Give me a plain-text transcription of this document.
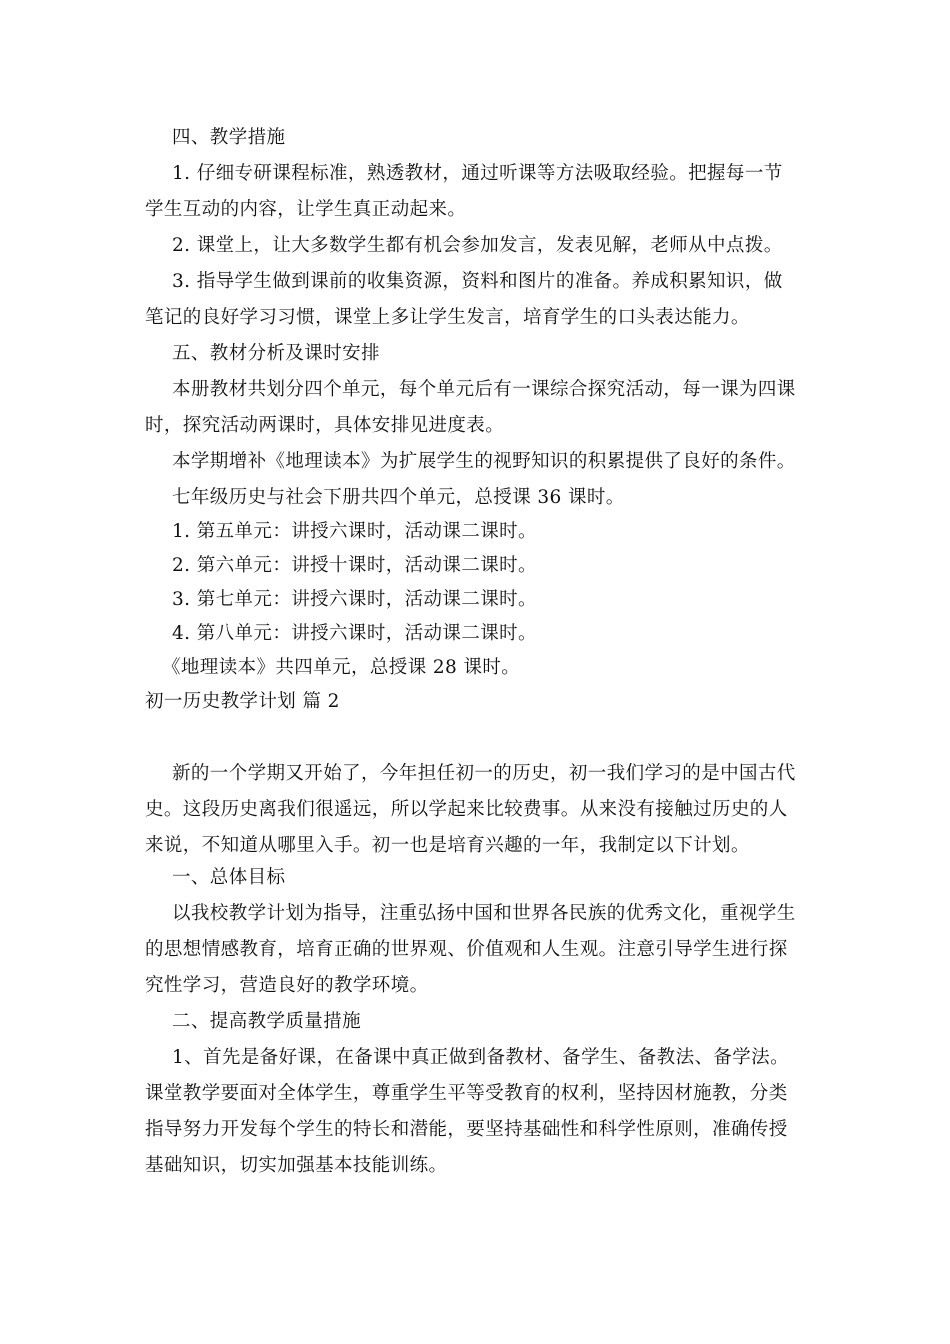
四、教学措施
1. 仔细专研课程标准，熟透教材，通过听课等方法吸取经验。把握每一节
学生互动的内容，让学生真正动起来。
2. 课堂上，让大多数学生都有机会参加发言，发表见解，老师从中点拨。
3. 指导学生做到课前的收集资源，资料和图片的准备。养成积累知识，做
笔记的良好学习习惯，课堂上多让学生发言，培育学生的口头表达能力。
五、教材分析及课时安排
本册教材共划分四个单元，每个单元后有一课综合探究活动，每一课为四课
时，探究活动两课时，具体安排见进度表。
本学期增补《地理读本》为扩展学生的视野知识的积累提供了良好的条件。
七年级历史与社会下册共四个单元，总授课 36 课时。
1. 第五单元：讲授六课时，活动课二课时。
2. 第六单元：讲授十课时，活动课二课时。
3. 第七单元：讲授六课时，活动课二课时。
4. 第八单元：讲授六课时，活动课二课时。
《地理读本》共四单元，总授课 28 课时。
初一历史教学计划 篇 2
新的一个学期又开始了，今年担任初一的历史，初一我们学习的是中国古代
史。这段历史离我们很遥远，所以学起来比较费事。从来没有接触过历史的人
来说，不知道从哪里入手。初一也是培育兴趣的一年，我制定以下计划。
一、总体目标
以我校教学计划为指导，注重弘扬中国和世界各民族的优秀文化，重视学生
的思想情感教育，培育正确的世界观、价值观和人生观。注意引导学生进行探
究性学习，营造良好的教学环境。
二、提高教学质量措施
1、首先是备好课，在备课中真正做到备教材、备学生、备教法、备学法。
课堂教学要面对全体学生，尊重学生平等受教育的权利，坚持因材施教，分类
指导努力开发每个学生的特长和潜能，要坚持基础性和科学性原则，准确传授
基础知识，切实加强基本技能训练。
